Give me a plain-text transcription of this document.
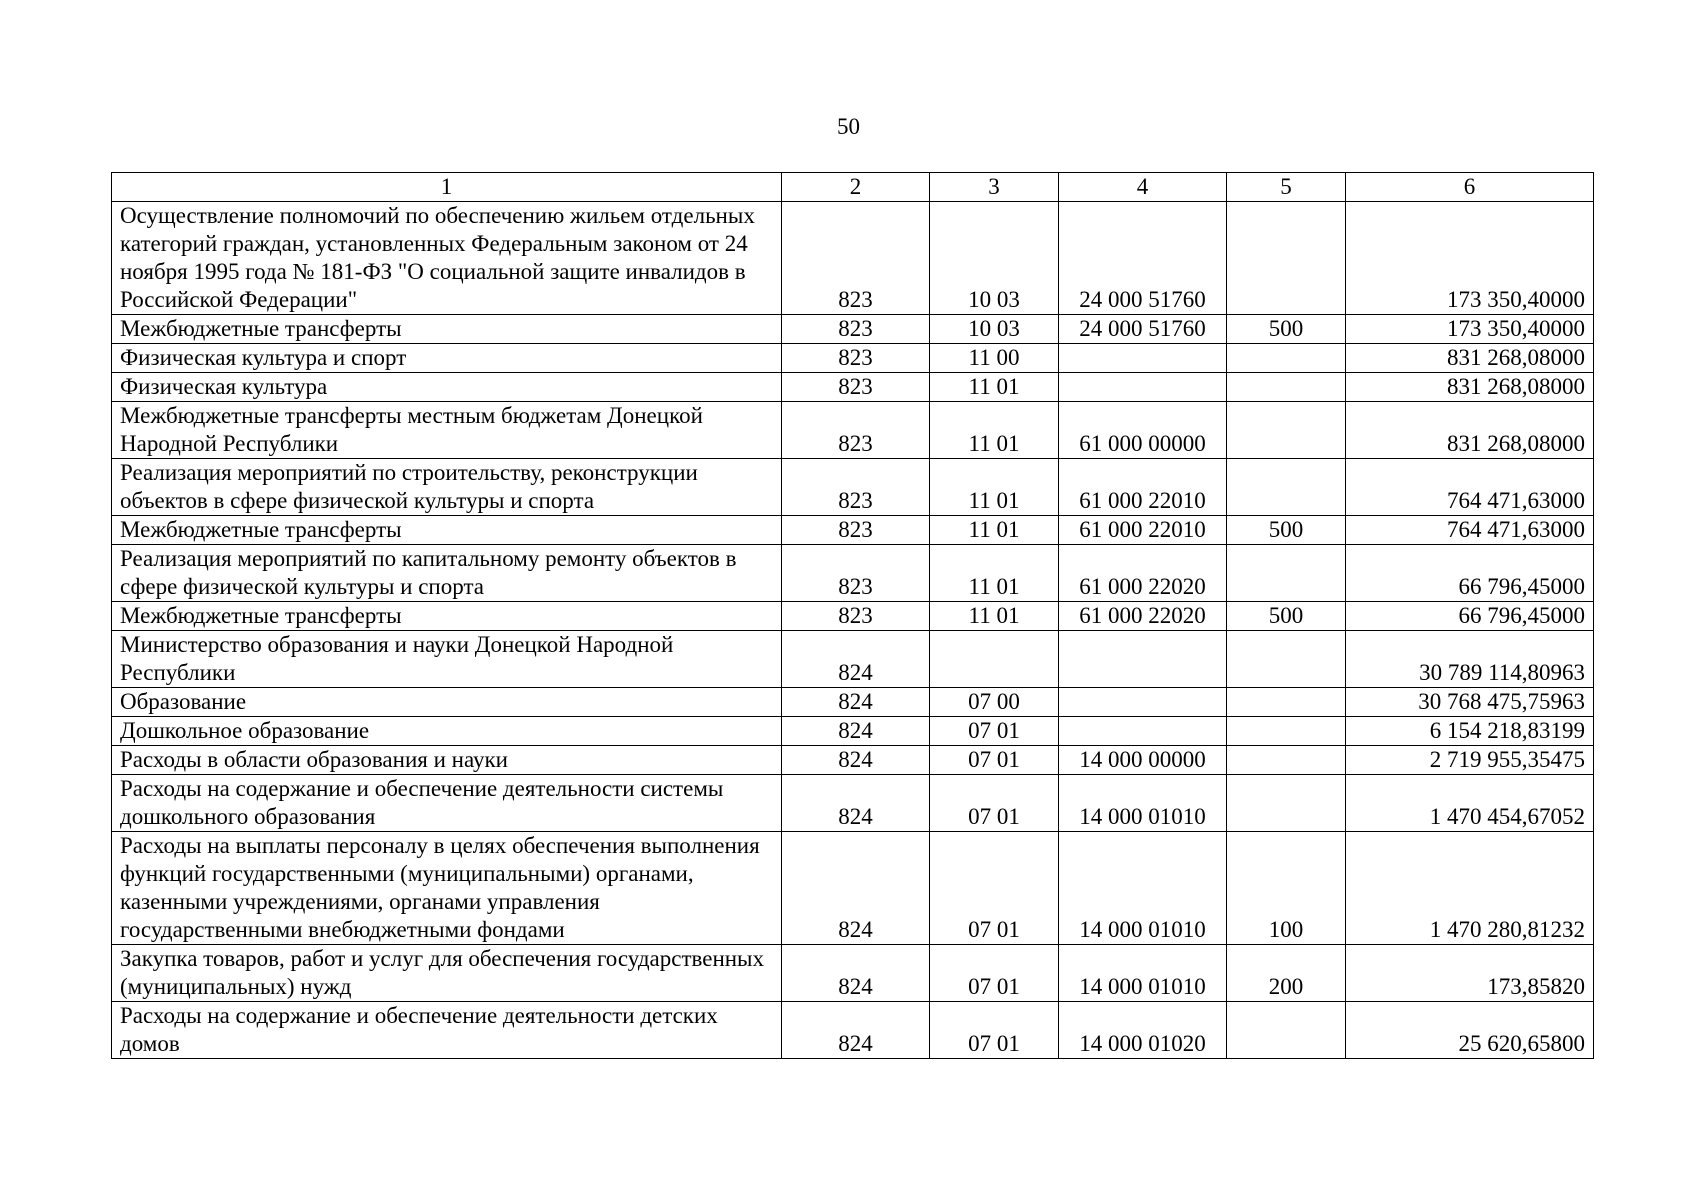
50
1	2	3	4	5	6
Осуществление полномочий по обеспечению жильем отдельных категорий граждан, установленных Федеральным законом от 24 ноября 1995 года № 181-ФЗ "О социальной защите инвалидов в Российской Федерации"	823	10 03	24 000 51760		173 350,40000
Межбюджетные трансферты	823	10 03	24 000 51760	500	173 350,40000
Физическая культура и спорт	823	11 00			831 268,08000
Физическая культура	823	11 01			831 268,08000
Межбюджетные трансферты местным бюджетам Донецкой Народной Республики	823	11 01	61 000 00000		831 268,08000
Реализация мероприятий по строительству, реконструкции объектов в сфере физической культуры и спорта	823	11 01	61 000 22010		764 471,63000
Межбюджетные трансферты	823	11 01	61 000 22010	500	764 471,63000
Реализация мероприятий по капитальному ремонту объектов в сфере физической культуры и спорта	823	11 01	61 000 22020		66 796,45000
Межбюджетные трансферты	823	11 01	61 000 22020	500	66 796,45000
Министерство образования и науки Донецкой Народной Республики	824				30 789 114,80963
Образование	824	07 00			30 768 475,75963
Дошкольное образование	824	07 01			6 154 218,83199
Расходы в области образования и науки	824	07 01	14 000 00000		2 719 955,35475
Расходы на содержание и обеспечение деятельности системы дошкольного образования	824	07 01	14 000 01010		1 470 454,67052
Расходы на выплаты персоналу в целях обеспечения выполнения функций государственными (муниципальными) органами, казенными учреждениями, органами управления государственными внебюджетными фондами	824	07 01	14 000 01010	100	1 470 280,81232
Закупка товаров, работ и услуг для обеспечения государственных (муниципальных) нужд	824	07 01	14 000 01010	200	173,85820
Расходы на содержание и обеспечение деятельности детских домов	824	07 01	14 000 01020		25 620,65800
